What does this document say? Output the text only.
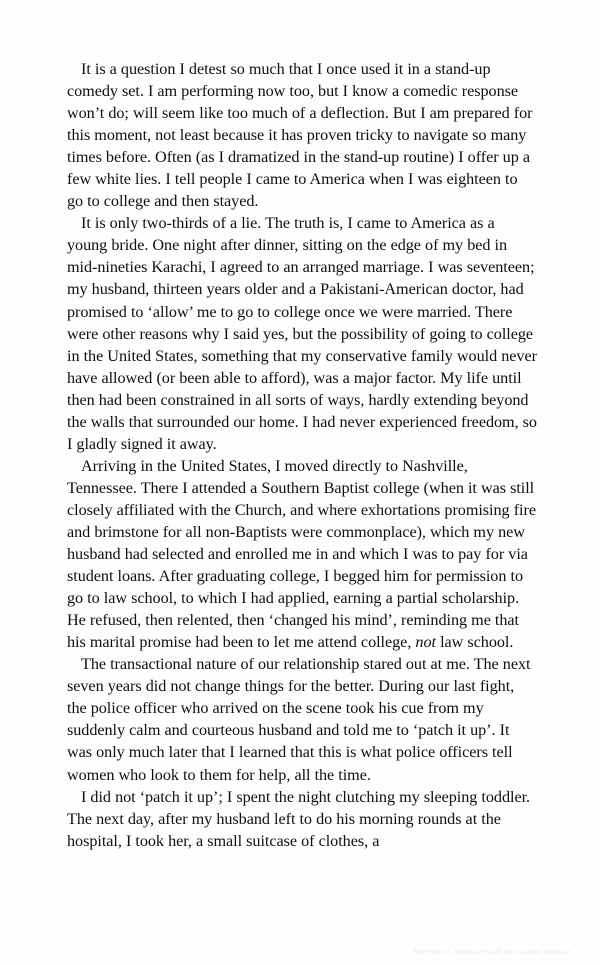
It is a question I detest so much that I once used it in a stand-up comedy set. I am performing now too, but I know a comedic response won’t do; will seem like too much of a deflection. But I am prepared for this moment, not least because it has proven tricky to navigate so many times before. Often (as I dramatized in the stand-up routine) I offer up a few white lies. I tell people I came to America when I was eighteen to go to college and then stayed.

It is only two-thirds of a lie. The truth is, I came to America as a young bride. One night after dinner, sitting on the edge of my bed in mid-nineties Karachi, I agreed to an arranged marriage. I was seventeen; my husband, thirteen years older and a Pakistani-American doctor, had promised to ‘allow’ me to go to college once we were married. There were other reasons why I said yes, but the possibility of going to college in the United States, something that my conservative family would never have allowed (or been able to afford), was a major factor. My life until then had been constrained in all sorts of ways, hardly extending beyond the walls that surrounded our home. I had never experienced freedom, so I gladly signed it away.

Arriving in the United States, I moved directly to Nashville, Tennessee. There I attended a Southern Baptist college (when it was still closely affiliated with the Church, and where exhortations promising fire and brimstone for all non-Baptists were commonplace), which my new husband had selected and enrolled me in and which I was to pay for via student loans. After graduating college, I begged him for permission to go to law school, to which I had applied, earning a partial scholarship. He refused, then relented, then ‘changed his mind’, reminding me that his marital promise had been to let me attend college, not law school.

The transactional nature of our relationship stared out at me. The next seven years did not change things for the better. During our last fight, the police officer who arrived on the scene took his cue from my suddenly calm and courteous husband and told me to ‘patch it up’. It was only much later that I learned that this is what police officers tell women who look to them for help, all the time.

I did not ‘patch it up’; I spent the night clutching my sleeping toddler. The next day, after my husband left to do his morning rounds at the hospital, I took her, a small suitcase of clothes, a

Материал, защищенный авторским правом
